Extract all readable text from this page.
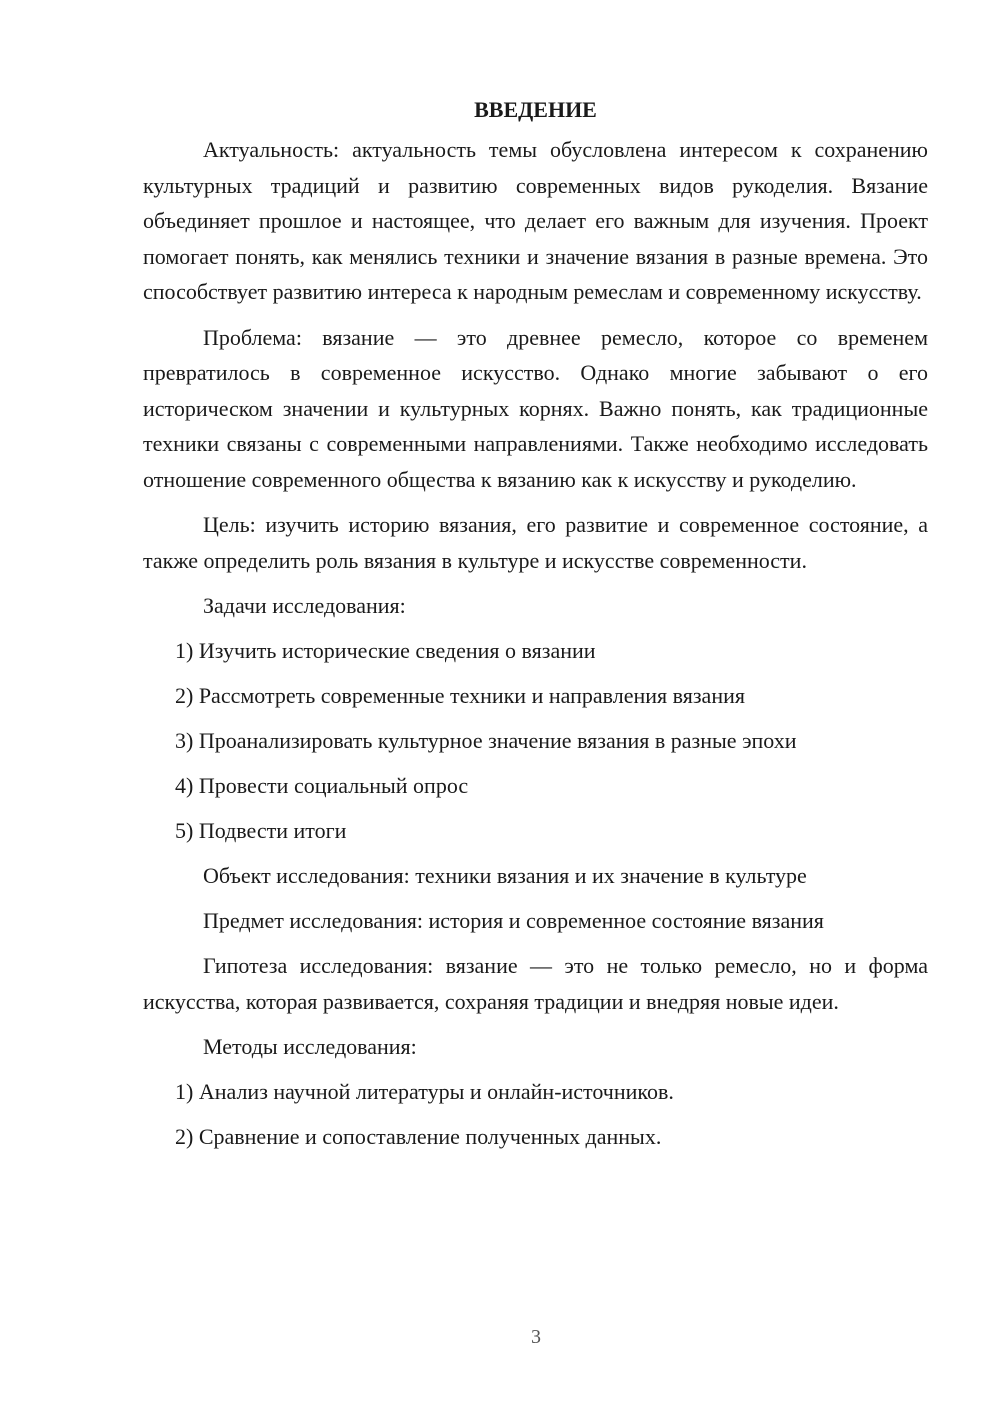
ВВЕДЕНИЕ

Актуальность: актуальность темы обусловлена интересом к сохранению культурных традиций и развитию современных видов рукоделия. Вязание объединяет прошлое и настоящее, что делает его важным для изучения. Проект помогает понять, как менялись техники и значение вязания в разные времена. Это способствует развитию интереса к народным ремеслам и современному искусству.

Проблема: вязание — это древнее ремесло, которое со временем превратилось в современное искусство. Однако многие забывают о его историческом значении и культурных корнях. Важно понять, как традиционные техники связаны с современными направлениями. Также необходимо исследовать отношение современного общества к вязанию как к искусству и рукоделию.

Цель: изучить историю вязания, его развитие и современное состояние, а также определить роль вязания в культуре и искусстве современности.

Задачи исследования:
1) Изучить исторические сведения о вязании
2) Рассмотреть современные техники и направления вязания
3) Проанализировать культурное значение вязания в разные эпохи
4) Провести социальный опрос
5) Подвести итоги
Объект исследования: техники вязания и их значение в культуре
Предмет исследования: история и современное состояние вязания

Гипотеза исследования: вязание — это не только ремесло, но и форма искусства, которая развивается, сохраняя традиции и внедряя новые идеи.

Методы исследования:
1) Анализ научной литературы и онлайн-источников.
2) Сравнение и сопоставление полученных данных.
3
